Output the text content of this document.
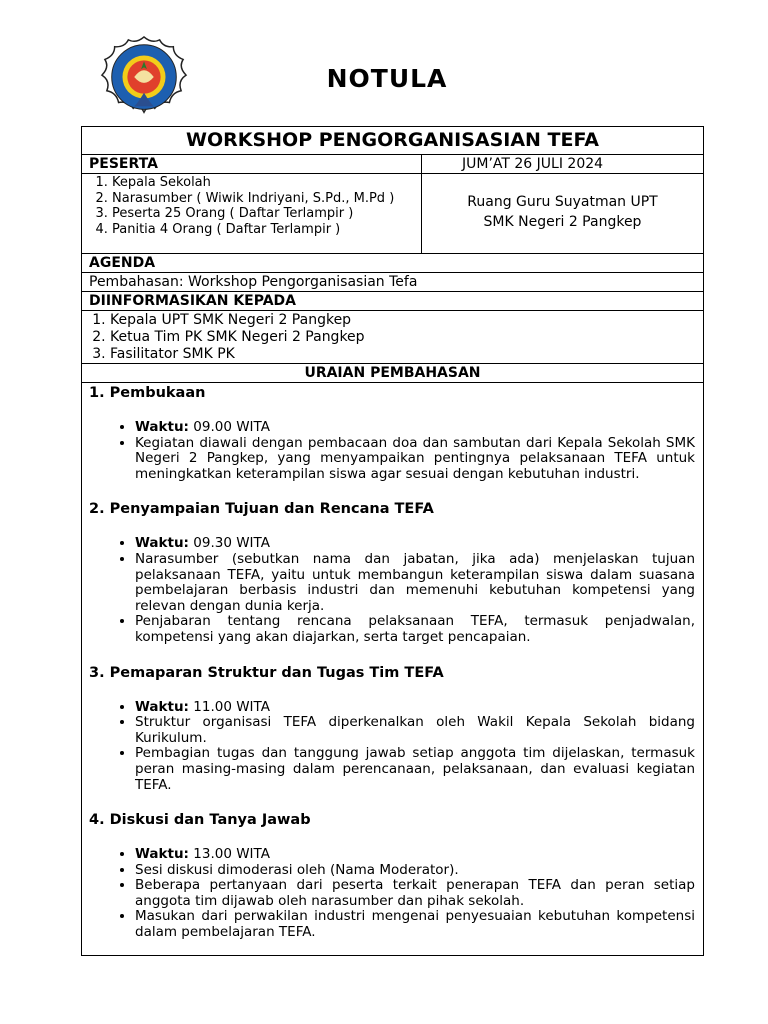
NOTULA
WORKSHOP PENGORGANISASIAN TEFA
PESERTA	JUM’AT 26 JULI 2024
1. Kepala Sekolah
2. Narasumber ( Wiwik Indriyani, S.Pd., M.Pd )
3. Peserta 25 Orang ( Daftar Terlampir )
4. Panitia 4 Orang ( Daftar Terlampir )
Ruang Guru Suyatman UPT
SMK Negeri 2 Pangkep
AGENDA
Pembahasan: Workshop Pengorganisasian Tefa
DIINFORMASIKAN KEPADA
1. Kepala UPT SMK Negeri 2 Pangkep
2. Ketua Tim PK SMK Negeri 2 Pangkep
3. Fasilitator SMK PK
URAIAN PEMBAHASAN

1. Pembukaan

• Waktu: 09.00 WITA
• Kegiatan diawali dengan pembacaan doa dan sambutan dari Kepala Sekolah SMK Negeri 2 Pangkep, yang menyampaikan pentingnya pelaksanaan TEFA untuk meningkatkan keterampilan siswa agar sesuai dengan kebutuhan industri.

2. Penyampaian Tujuan dan Rencana TEFA

• Waktu: 09.30 WITA
• Narasumber (sebutkan nama dan jabatan, jika ada) menjelaskan tujuan pelaksanaan TEFA, yaitu untuk membangun keterampilan siswa dalam suasana pembelajaran berbasis industri dan memenuhi kebutuhan kompetensi yang relevan dengan dunia kerja.
• Penjabaran tentang rencana pelaksanaan TEFA, termasuk penjadwalan, kompetensi yang akan diajarkan, serta target pencapaian.

3. Pemaparan Struktur dan Tugas Tim TEFA

• Waktu: 11.00 WITA
• Struktur organisasi TEFA diperkenalkan oleh Wakil Kepala Sekolah bidang Kurikulum.
• Pembagian tugas dan tanggung jawab setiap anggota tim dijelaskan, termasuk peran masing-masing dalam perencanaan, pelaksanaan, dan evaluasi kegiatan TEFA.

4. Diskusi dan Tanya Jawab

• Waktu: 13.00 WITA
• Sesi diskusi dimoderasi oleh (Nama Moderator).
• Beberapa pertanyaan dari peserta terkait penerapan TEFA dan peran setiap anggota tim dijawab oleh narasumber dan pihak sekolah.
• Masukan dari perwakilan industri mengenai penyesuaian kebutuhan kompetensi dalam pembelajaran TEFA.
